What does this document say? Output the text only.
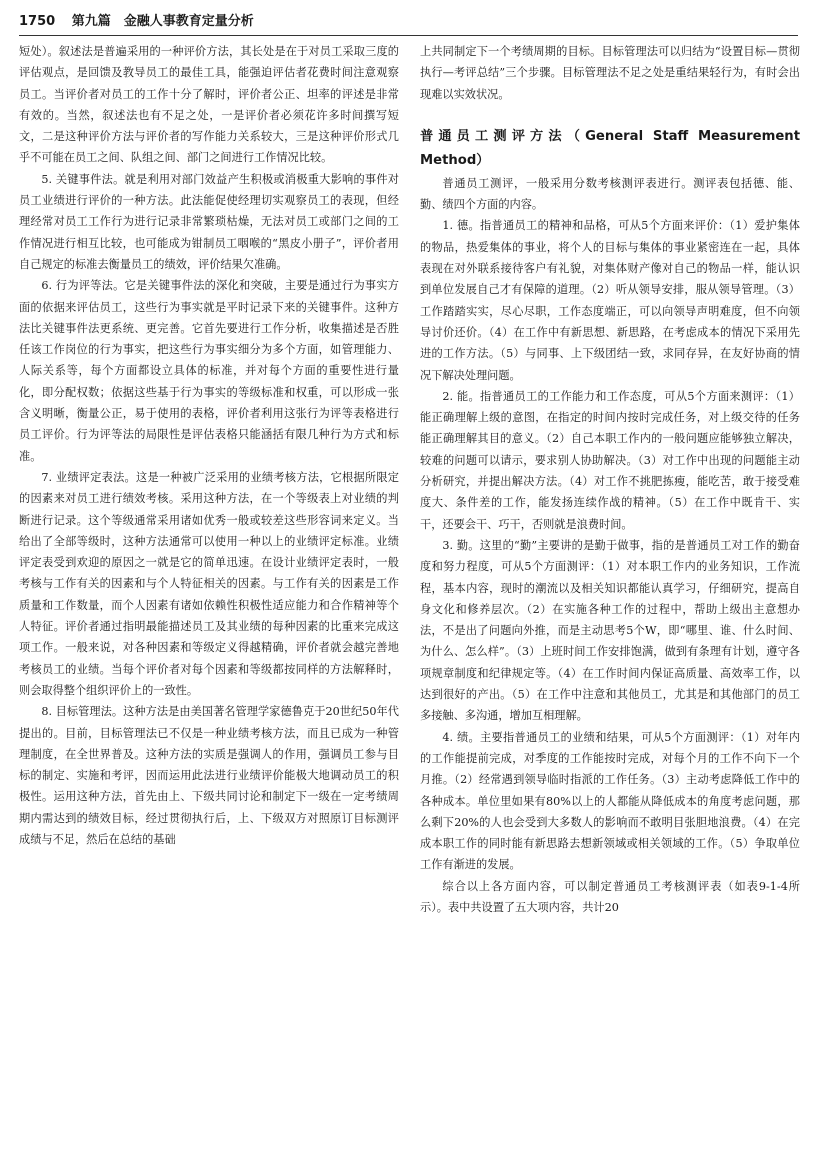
1750 第九篇　金融人事教育定量分析

短处）。叙述法是普遍采用的一种评价方法，其长处是在于对员工采取三度的评估观点，是回馈及教导员工的最佳工具，能强迫评估者花费时间注意观察员工。当评价者对员工的工作十分了解时，评价者公正、坦率的评述是非常有效的。当然，叙述法也有不足之处，一是评价者必须花许多时间撰写短文，二是这种评价方法与评价者的写作能力关系较大，三是这种评价形式几乎不可能在员工之间、队组之间、部门之间进行工作情况比较。

5. 关键事件法。就是利用对部门效益产生积极或消极重大影响的事件对员工业绩进行评价的一种方法。此法能促使经理切实观察员工的表现，但经理经常对员工工作行为进行记录非常繁琐枯燥，无法对员工或部门之间的工作情况进行相互比较，也可能成为钳制员工咽喉的“黑皮小册子”，评价者用自己规定的标准去衡量员工的绩效，评价结果欠准确。

6. 行为评等法。它是关键事件法的深化和突破，主要是通过行为事实方面的依据来评估员工，这些行为事实就是平时记录下来的关键事件。这种方法比关键事件法更系统、更完善。它首先要进行工作分析，收集描述是否胜任该工作岗位的行为事实，把这些行为事实细分为多个方面，如管理能力、人际关系等，每个方面都设立具体的标准，并对每个方面的重要性进行量化，即分配权数；依据这些基于行为事实的等级标准和权重，可以形成一张含义明晰，衡量公正，易于使用的表格，评价者利用这张行为评等表格进行员工评价。行为评等法的局限性是评估表格只能涵括有限几种行为方式和标准。

7. 业绩评定表法。这是一种被广泛采用的业绩考核方法，它根据所限定的因素来对员工进行绩效考核。采用这种方法，在一个等级表上对业绩的判断进行记录。这个等级通常采用诸如优秀一般或较差这些形容词来定义。当给出了全部等级时，这种方法通常可以使用一种以上的业绩评定标准。业绩评定表受到欢迎的原因之一就是它的简单迅速。在设计业绩评定表时，一般考核与工作有关的因素和与个人特征相关的因素。与工作有关的因素是工作质量和工作数量，而个人因素有诸如依赖性积极性适应能力和合作精神等个人特征。评价者通过指明最能描述员工及其业绩的每种因素的比重来完成这项工作。一般来说，对各种因素和等级定义得越精确，评价者就会越完善地考核员工的业绩。当每个评价者对每个因素和等级都按同样的方法解释时，则会取得整个组织评价上的一致性。

8. 目标管理法。这种方法是由美国著名管理学家德鲁克于20世纪50年代提出的。目前，目标管理法已不仅是一种业绩考核方法，而且已成为一种管理制度，在全世界普及。这种方法的实质是强调人的作用，强调员工参与目标的制定、实施和考评，因而运用此法进行业绩评价能极大地调动员工的积极性。运用这种方法，首先由上、下级共同讨论和制定下一级在一定考绩周期内需达到的绩效目标，经过贯彻执行后，上、下级双方对照原订目标测评成绩与不足，然后在总结的基础

上共同制定下一个考绩周期的目标。目标管理法可以归结为“设置目标—贯彻执行—考评总结”三个步骤。目标管理法不足之处是重结果轻行为，有时会出现难以实效状况。

普通员工测评方法（General Staff Measurement Method）

普通员工测评，一般采用分数考核测评表进行。测评表包括德、能、勤、绩四个方面的内容。

1. 德。指普通员工的精神和品格，可从5个方面来评价：（1）爱护集体的物品，热爱集体的事业，将个人的目标与集体的事业紧密连在一起，具体表现在对外联系接待客户有礼貌，对集体财产像对自己的物品一样，能认识到单位发展自己才有保障的道理。（2）听从领导安排，服从领导管理。（3）工作踏踏实实，尽心尽职，工作态度端正，可以向领导声明难度，但不向领导讨价还价。（4）在工作中有新思想、新思路，在考虑成本的情况下采用先进的工作方法。（5）与同事、上下级团结一致，求同存异，在友好协商的情况下解决处理问题。

2. 能。指普通员工的工作能力和工作态度，可从5个方面来测评：（1）能正确理解上级的意图，在指定的时间内按时完成任务，对上级交待的任务能正确理解其目的意义。（2）自己本职工作内的一般问题应能够独立解决，较难的问题可以请示，要求别人协助解决。（3）对工作中出现的问题能主动分析研究，并提出解决方法。（4）对工作不挑肥拣瘦，能吃苦，敢于接受难度大、条件差的工作，能发扬连续作战的精神。（5）在工作中既肯干、实干，还要会干、巧干，否则就是浪费时间。

3. 勤。这里的“勤”主要讲的是勤于做事，指的是普通员工对工作的勤奋度和努力程度，可从5个方面测评：（1）对本职工作内的业务知识，工作流程，基本内容，现时的潮流以及相关知识都能认真学习，仔细研究，提高自身文化和修养层次。（2）在实施各种工作的过程中，帮助上级出主意想办法，不是出了问题向外推，而是主动思考5个W，即“哪里、谁、什么时间、为什么、怎么样”。（3）上班时间工作安排饱满，做到有条理有计划，遵守各项规章制度和纪律规定等。（4）在工作时间内保证高质量、高效率工作，以达到很好的产出。（5）在工作中注意和其他员工，尤其是和其他部门的员工多接触、多沟通，增加互相理解。

4. 绩。主要指普通员工的业绩和结果，可从5个方面测评：（1）对年内的工作能提前完成，对季度的工作能按时完成，对每个月的工作不向下一个月推。（2）经常遇到领导临时指派的工作任务。（3）主动考虑降低工作中的各种成本。单位里如果有80%以上的人都能从降低成本的角度考虑问题，那么剩下20%的人也会受到大多数人的影响而不敢明目张胆地浪费。（4）在完成本职工作的同时能有新思路去想新领域或相关领域的工作。（5）争取单位工作有渐进的发展。

综合以上各方面内容，可以制定普通员工考核测评表（如表9-1-4所示）。表中共设置了五大项内容，共计20
